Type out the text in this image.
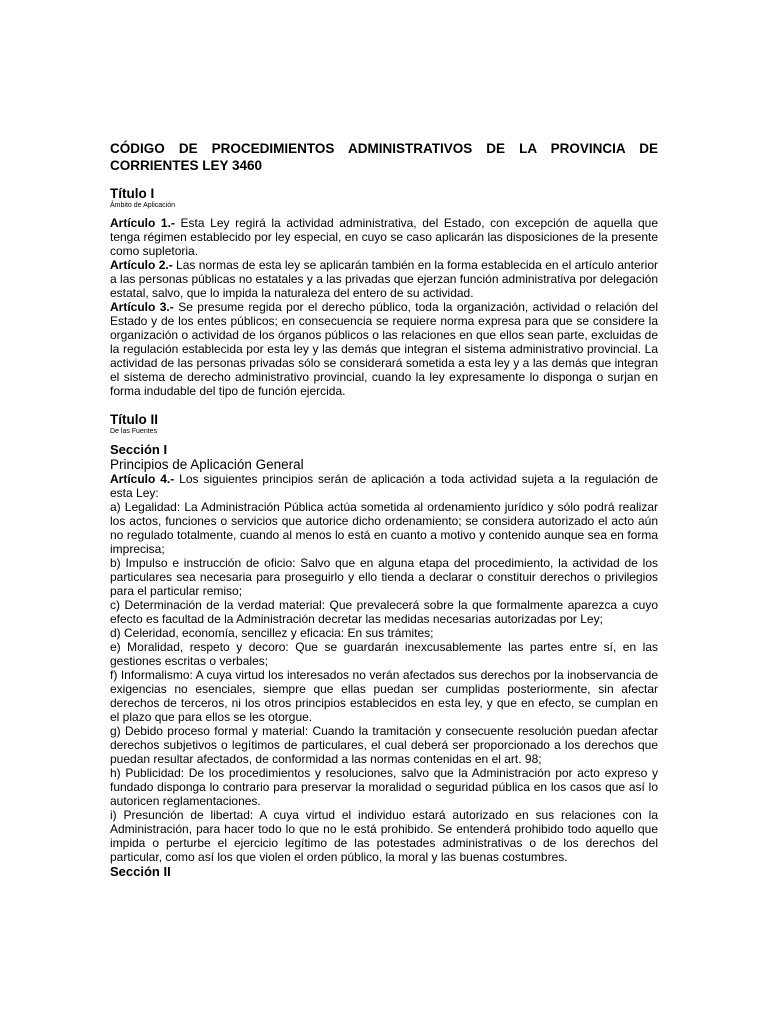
CÓDIGO DE PROCEDIMIENTOS ADMINISTRATIVOS DE LA PROVINCIA DE CORRIENTES LEY 3460

Título I

Ámbito de Aplicación

Artículo 1.- Esta Ley regirá la actividad administrativa, del Estado, con excepción de aquella que tenga régimen establecido por ley especial, en cuyo se caso aplicarán las disposiciones de la presente como supletoria.

Artículo 2.- Las normas de esta ley se aplicarán también en la forma establecida en el artículo anterior a las personas públicas no estatales y a las privadas que ejerzan función administrativa por delegación estatal, salvo, que lo impida la naturaleza del entero de su actividad.

Artículo 3.- Se presume regida por el derecho público, toda la organización, actividad o relación del Estado y de los entes públicos; en consecuencia se requiere norma expresa para que se considere la organización o actividad de los órganos públicos o las relaciones en que ellos sean parte, excluidas de la regulación establecida por esta ley y las demás que integran el sistema administrativo provincial. La actividad de las personas privadas sólo se considerará sometida a esta ley y a las demás que integran el sistema de derecho administrativo provincial, cuando la ley expresamente lo disponga o surjan en forma indudable del tipo de función ejercida.

Título II

De las Fuentes

Sección I

Principios de Aplicación General

Artículo 4.- Los siguientes principios serán de aplicación a toda actividad sujeta a la regulación de esta Ley:

a) Legalidad: La Administración Pública actúa sometida al ordenamiento jurídico y sólo podrá realizar los actos, funciones o servicios que autorice dicho ordenamiento; se considera autorizado el acto aún no regulado totalmente, cuando al menos lo está en cuanto a motivo y contenido aunque sea en forma imprecisa;

b) Impulso e instrucción de oficio: Salvo que en alguna etapa del procedimiento, la actividad de los particulares sea necesaria para proseguirlo y ello tienda a declarar o constituir derechos o privilegios para el particular remiso;

c) Determinación de la verdad material: Que prevalecerá sobre la que formalmente aparezca a cuyo efecto es facultad de la Administración decretar las medidas necesarias autorizadas por Ley;

d) Celeridad, economía, sencillez y eficacia: En sus trámites;

e) Moralidad, respeto y decoro: Que se guardarán inexcusablemente las partes entre sí, en las gestiones escritas o verbales;

f) Informalismo: A cuya virtud los interesados no verán afectados sus derechos por la inobservancia de exigencias no esenciales, siempre que ellas puedan ser cumplidas posteriormente, sin afectar derechos de terceros, ni los otros principios establecidos en esta ley, y que en efecto, se cumplan en el plazo que para ellos se les otorgue.

g) Debido proceso formal y material: Cuando la tramitación y consecuente resolución puedan afectar derechos subjetivos o legítimos de particulares, el cual deberá ser proporcionado a los derechos que puedan resultar afectados, de conformidad a las normas contenidas en el art. 98;

h) Publicidad: De los procedimientos y resoluciones, salvo que la Administración por acto expreso y fundado disponga lo contrario para preservar la moralidad o seguridad pública en los casos que así lo autoricen reglamentaciones.

i) Presunción de libertad: A cuya virtud el individuo estará autorizado en sus relaciones con la Administración, para hacer todo lo que no le está prohibido. Se entenderá prohibido todo aquello que impida o perturbe el ejercicio legítimo de las potestades administrativas o de los derechos del particular, como así los que violen el orden público, la moral y las buenas costumbres.

Sección II
